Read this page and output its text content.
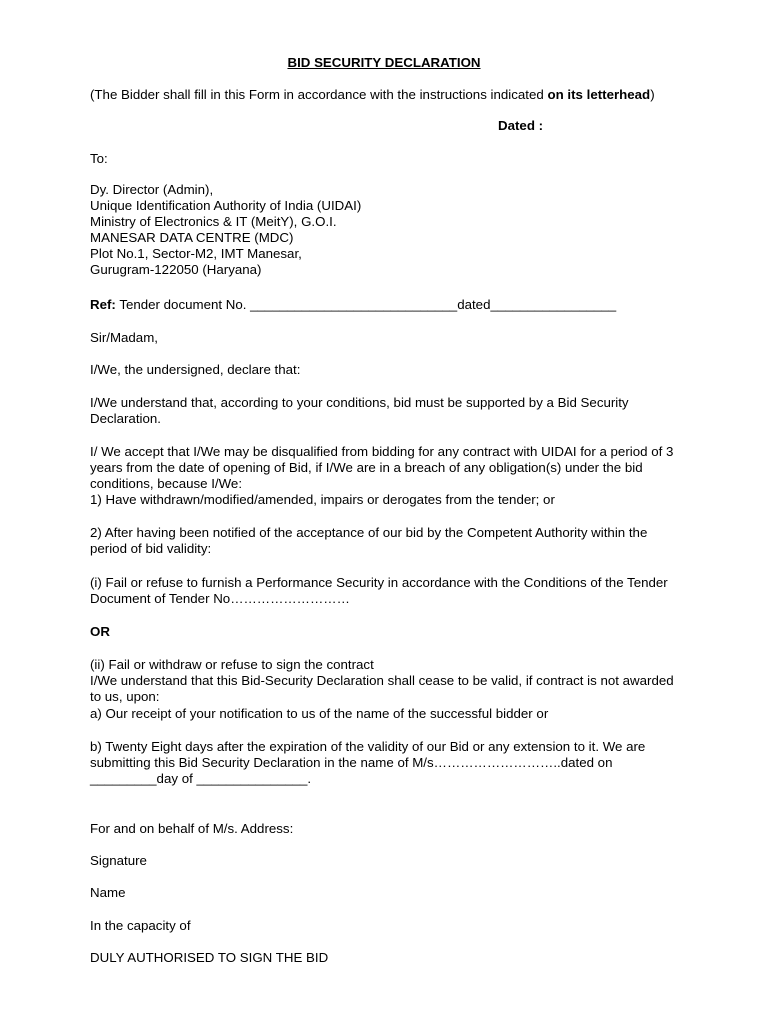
BID SECURITY DECLARATION
(The Bidder shall fill in this Form in accordance with the instructions indicated on its letterhead)
Dated :
To:
Dy. Director (Admin),
Unique Identification Authority of India (UIDAI)
Ministry of Electronics & IT (MeitY), G.O.I.
MANESAR DATA CENTRE (MDC)
Plot No.1, Sector-M2, IMT Manesar,
Gurugram-122050 (Haryana)
Ref: Tender document No. ____________________________dated_________________
Sir/Madam,
I/We, the undersigned, declare that:
I/We understand that, according to your conditions, bid must be supported by a Bid Security Declaration.
I/ We accept that I/We may be disqualified from bidding for any contract with UIDAI for a period of 3 years from the date of opening of Bid, if I/We are in a breach of any obligation(s) under the bid conditions, because I/We:
1) Have withdrawn/modified/amended, impairs or derogates from the tender; or
2) After having been notified of the acceptance of our bid by the Competent Authority within the period of bid validity:
(i) Fail or refuse to furnish a Performance Security in accordance with the Conditions of the Tender Document of Tender No………………………
OR
(ii) Fail or withdraw or refuse to sign the contract
I/We understand that this Bid-Security Declaration shall cease to be valid, if contract is not awarded to us, upon:
a) Our receipt of your notification to us of the name of the successful bidder or
b) Twenty Eight days after the expiration of the validity of our Bid or any extension to it. We are submitting this Bid Security Declaration in the name of M/s………………………..dated on _________day of _______________.
For and on behalf of M/s. Address:
Signature
Name
In the capacity of
DULY AUTHORISED TO SIGN THE BID
